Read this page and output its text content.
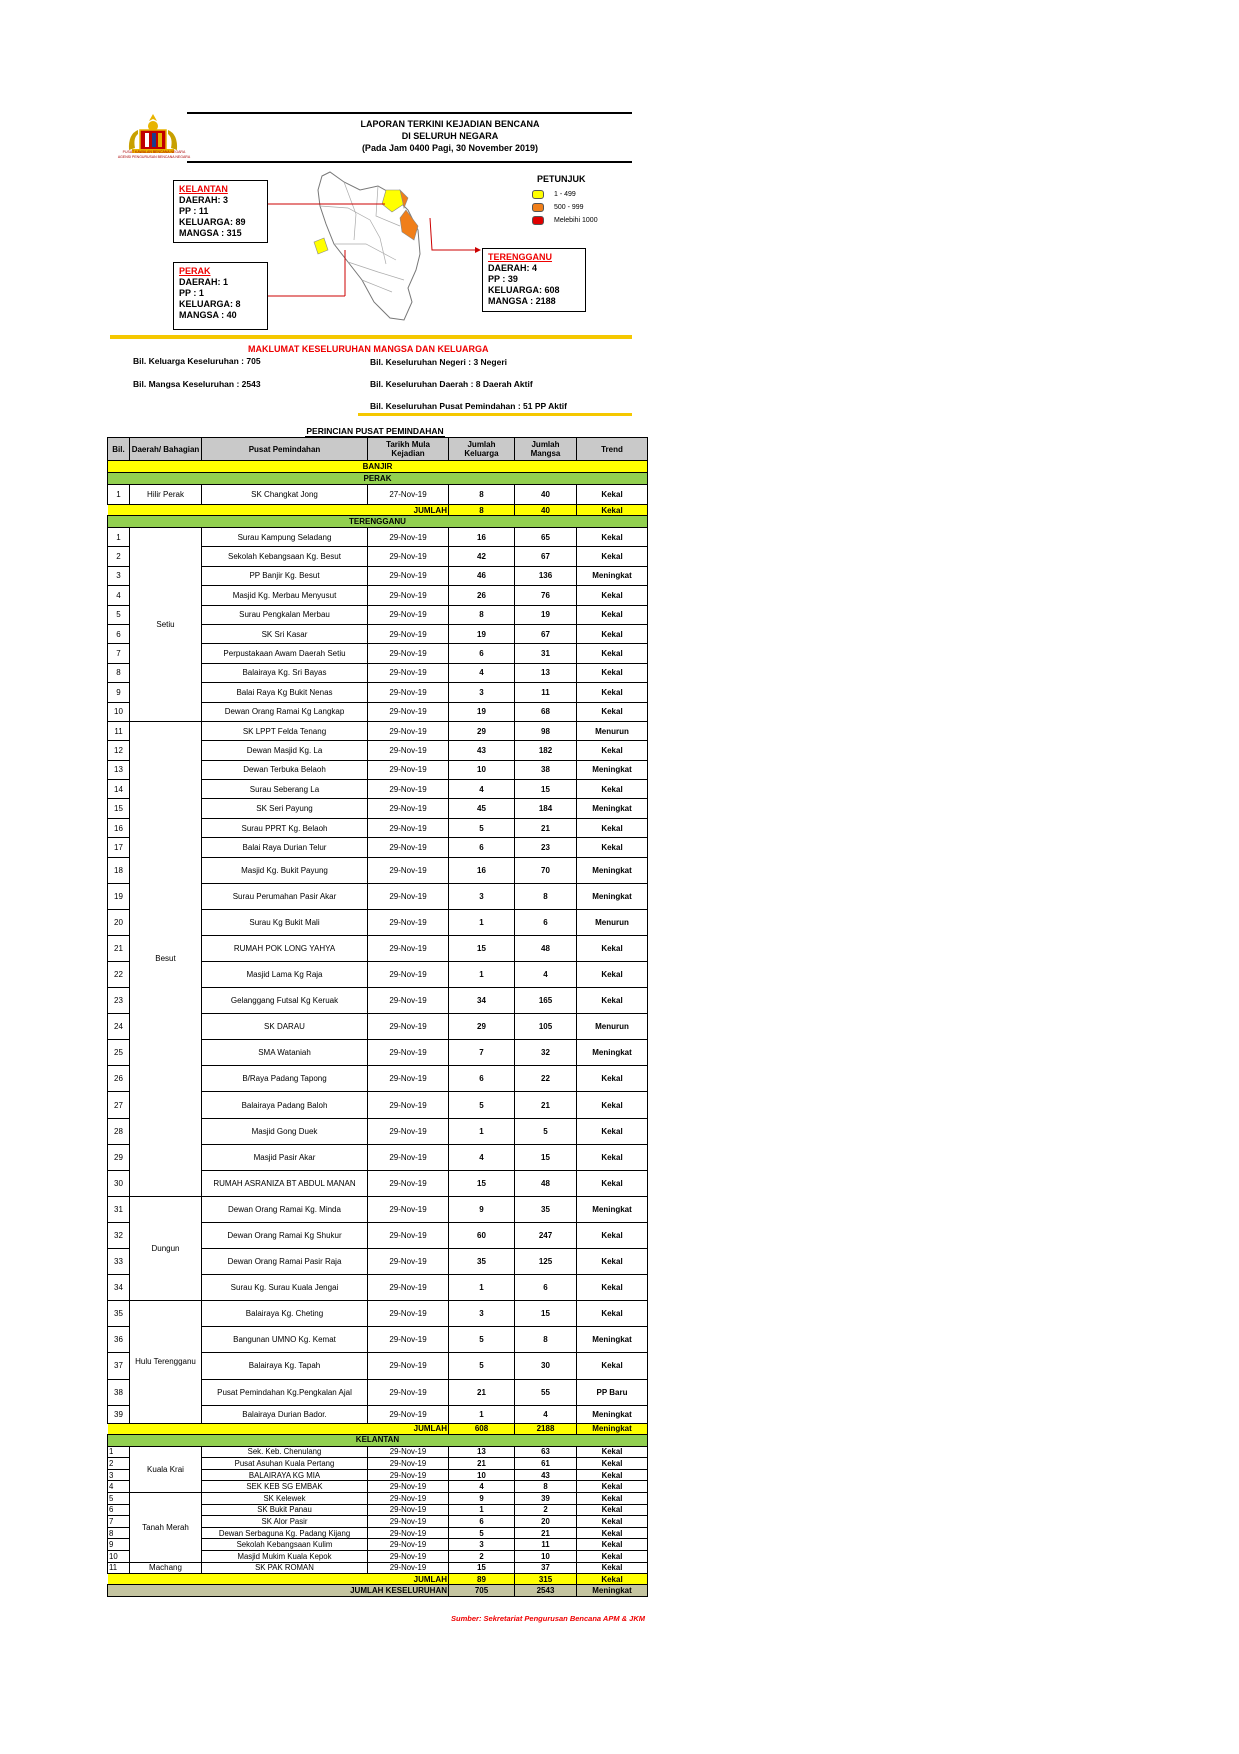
PUSAT KAWALAN BENCANA NEGARA
AGENSI PENGURUSAN BENCANA NEGARA
LAPORAN TERKINI KEJADIAN BENCANA
DI SELURUH NEGARA
(Pada Jam 0400 Pagi, 30 November 2019)
KELANTAN
DAERAH: 3
PP : 11
KELUARGA: 89
MANGSA : 315
PERAK
DAERAH: 1
PP : 1
KELUARGA: 8
MANGSA : 40
TERENGGANU
DAERAH: 4
PP : 39
KELUARGA: 608
MANGSA : 2188
PETUNJUK
1 - 499
500 - 999
Melebihi 1000
MAKLUMAT KESELURUHAN MANGSA DAN KELUARGA
Bil. Keluarga Keseluruhan : 705	Bil. Keseluruhan Negeri : 3 Negeri
Bil. Mangsa Keseluruhan : 2543	Bil. Keseluruhan Daerah : 8 Daerah Aktif
Bil. Keseluruhan Pusat Pemindahan : 51 PP Aktif
PERINCIAN PUSAT PEMINDAHAN
Bil.	Daerah/ Bahagian	Pusat Pemindahan	Tarikh Mula Kejadian	Jumlah Keluarga	Jumlah Mangsa	Trend
BANJIR						
PERAK						
1	Hilir Perak	SK Changkat Jong	27-Nov-19	8	40	Kekal
JUMLAH				8	40	Kekal
TERENGGANU						
1	Setiu	Surau Kampung Seladang	29-Nov-19	16	65	Kekal
2		Sekolah Kebangsaan Kg. Besut	29-Nov-19	42	67	Kekal
3		PP Banjir Kg. Besut	29-Nov-19	46	136	Meningkat
4		Masjid Kg. Merbau Menyusut	29-Nov-19	26	76	Kekal
5		Surau Pengkalan Merbau	29-Nov-19	8	19	Kekal
6		SK Sri Kasar	29-Nov-19	19	67	Kekal
7		Perpustakaan Awam Daerah Setiu	29-Nov-19	6	31	Kekal
8		Balairaya Kg. Sri Bayas	29-Nov-19	4	13	Kekal
9		Balai Raya Kg Bukit Nenas	29-Nov-19	3	11	Kekal
10		Dewan Orang Ramai Kg Langkap	29-Nov-19	19	68	Kekal
11	Besut	SK LPPT Felda Tenang	29-Nov-19	29	98	Menurun
12		Dewan Masjid Kg. La	29-Nov-19	43	182	Kekal
13		Dewan Terbuka Belaoh	29-Nov-19	10	38	Meningkat
14		Surau Seberang La	29-Nov-19	4	15	Kekal
15		SK Seri Payung	29-Nov-19	45	184	Meningkat
16		Surau PPRT Kg. Belaoh	29-Nov-19	5	21	Kekal
17		Balai Raya Durian Telur	29-Nov-19	6	23	Kekal
18		Masjid Kg. Bukit Payung	29-Nov-19	16	70	Meningkat
19		Surau Perumahan Pasir Akar	29-Nov-19	3	8	Meningkat
20		Surau Kg Bukit Mali	29-Nov-19	1	6	Menurun
21		RUMAH POK LONG YAHYA	29-Nov-19	15	48	Kekal
22		Masjid Lama Kg Raja	29-Nov-19	1	4	Kekal
23		Gelanggang Futsal Kg Keruak	29-Nov-19	34	165	Kekal
24		SK DARAU	29-Nov-19	29	105	Menurun
25		SMA Wataniah	29-Nov-19	7	32	Meningkat
26		B/Raya Padang Tapong	29-Nov-19	6	22	Kekal
27		Balairaya Padang Baloh	29-Nov-19	5	21	Kekal
28		Masjid Gong Duek	29-Nov-19	1	5	Kekal
29		Masjid Pasir Akar	29-Nov-19	4	15	Kekal
30		RUMAH ASRANIZA BT ABDUL MANAN	29-Nov-19	15	48	Kekal
31	Dungun	Dewan Orang Ramai Kg. Minda	29-Nov-19	9	35	Meningkat
32		Dewan Orang Ramai Kg Shukur	29-Nov-19	60	247	Kekal
33		Dewan Orang Ramai Pasir Raja	29-Nov-19	35	125	Kekal
34		Surau Kg. Surau Kuala Jengai	29-Nov-19	1	6	Kekal
35	Hulu Terengganu	Balairaya Kg. Cheting	29-Nov-19	3	15	Kekal
36		Bangunan UMNO Kg. Kemat	29-Nov-19	5	8	Meningkat
37		Balairaya Kg. Tapah	29-Nov-19	5	30	Kekal
38		Pusat Pemindahan Kg.Pengkalan Ajal	29-Nov-19	21	55	PP Baru
39		Balairaya Durian Bador.	29-Nov-19	1	4	Meningkat
JUMLAH				608	2188	Meningkat
KELANTAN						
1	Kuala Krai	Sek. Keb. Chenulang	29-Nov-19	13	63	Kekal
2		Pusat Asuhan Kuala Pertang	29-Nov-19	21	61	Kekal
3		BALAIRAYA KG MIA	29-Nov-19	10	43	Kekal
4		SEK KEB SG EMBAK	29-Nov-19	4	8	Kekal
5	Tanah Merah	SK Kelewek	29-Nov-19	9	39	Kekal
6		SK Bukit Panau	29-Nov-19	1	2	Kekal
7		SK Alor Pasir	29-Nov-19	6	20	Kekal
8		Dewan Serbaguna Kg. Padang Kijang	29-Nov-19	5	21	Kekal
9		Sekolah Kebangsaan Kulim	29-Nov-19	3	11	Kekal
10		Masjid Mukim Kuala Kepok	29-Nov-19	2	10	Kekal
11	Machang	SK PAK ROMAN	29-Nov-19	15	37	Kekal
JUMLAH				89	315	Kekal
JUMLAH KESELURUHAN				705	2543	Meningkat
Sumber: Sekretariat Pengurusan Bencana APM & JKM
